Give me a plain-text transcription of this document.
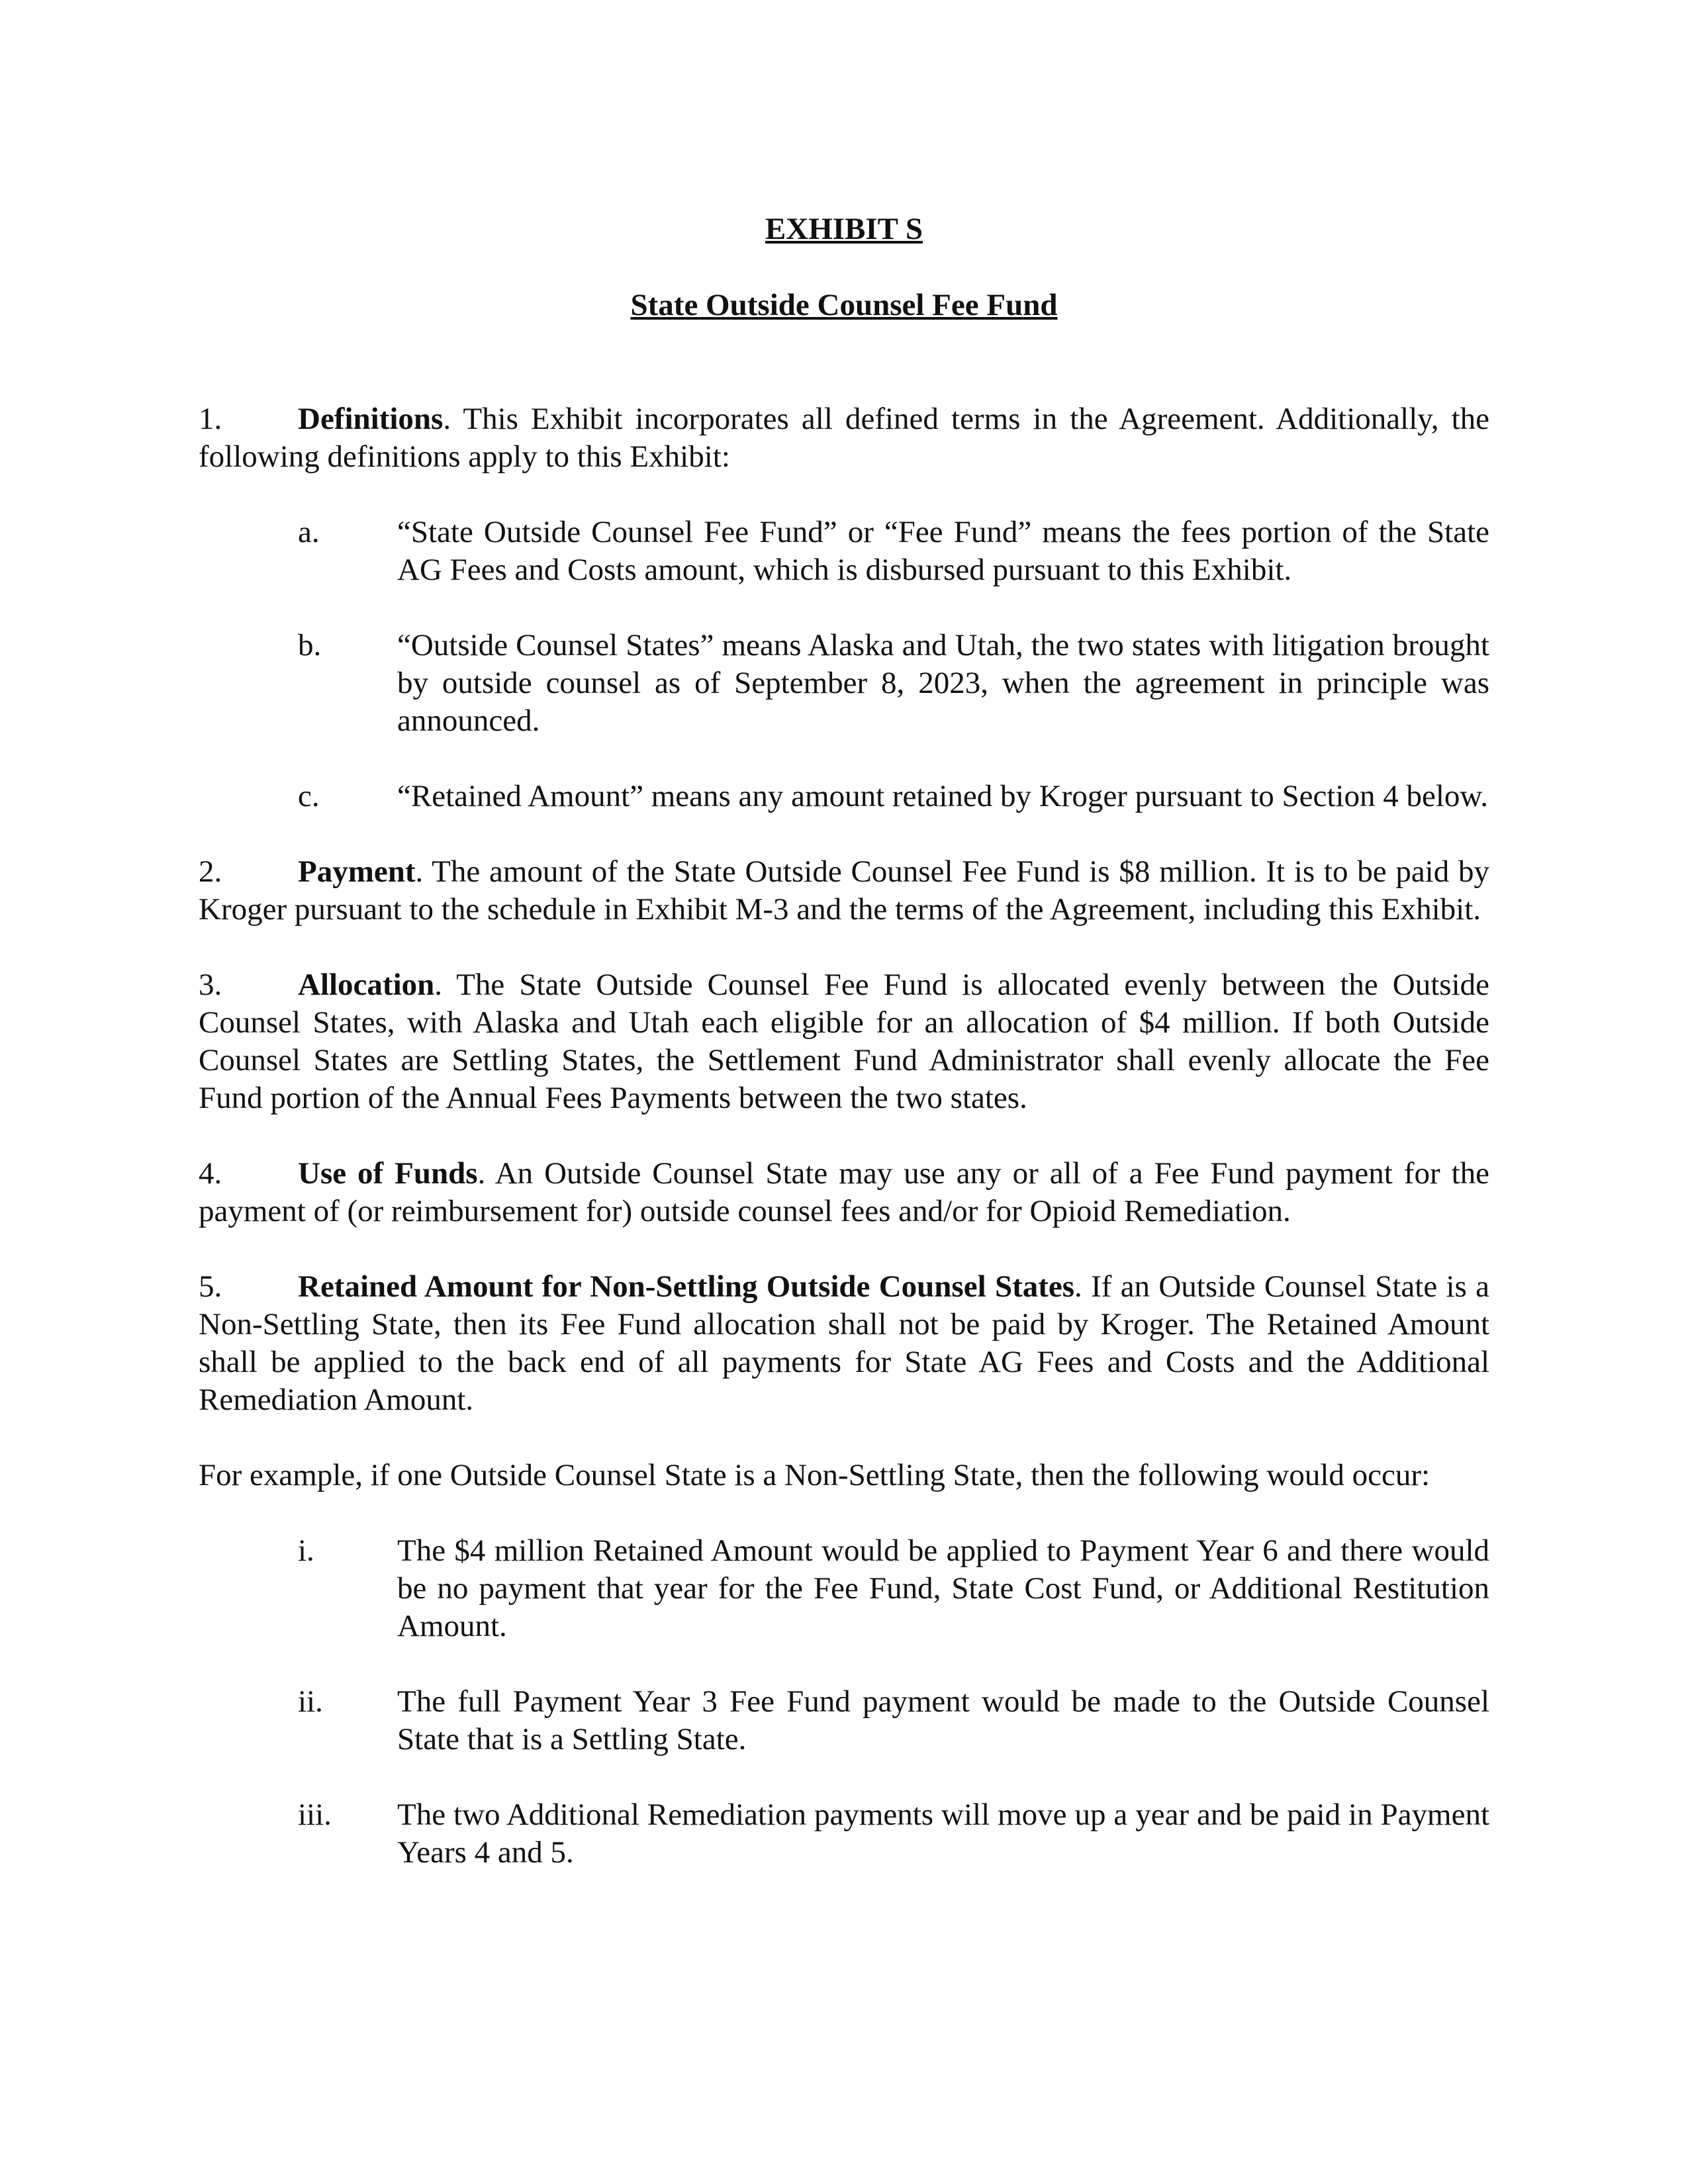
EXHIBIT S

State Outside Counsel Fee Fund

1. Definitions. This Exhibit incorporates all defined terms in the Agreement. Additionally, the following definitions apply to this Exhibit:

a. “State Outside Counsel Fee Fund” or “Fee Fund” means the fees portion of the State AG Fees and Costs amount, which is disbursed pursuant to this Exhibit.
b. “Outside Counsel States” means Alaska and Utah, the two states with litigation brought by outside counsel as of September 8, 2023, when the agreement in principle was announced.
c. “Retained Amount” means any amount retained by Kroger pursuant to Section 4 below.

2. Payment. The amount of the State Outside Counsel Fee Fund is $8 million. It is to be paid by Kroger pursuant to the schedule in Exhibit M-3 and the terms of the Agreement, including this Exhibit.

3. Allocation. The State Outside Counsel Fee Fund is allocated evenly between the Outside Counsel States, with Alaska and Utah each eligible for an allocation of $4 million. If both Outside Counsel States are Settling States, the Settlement Fund Administrator shall evenly allocate the Fee Fund portion of the Annual Fees Payments between the two states.

4. Use of Funds. An Outside Counsel State may use any or all of a Fee Fund payment for the payment of (or reimbursement for) outside counsel fees and/or for Opioid Remediation.

5. Retained Amount for Non-Settling Outside Counsel States. If an Outside Counsel State is a Non-Settling State, then its Fee Fund allocation shall not be paid by Kroger. The Retained Amount shall be applied to the back end of all payments for State AG Fees and Costs and the Additional Remediation Amount.

For example, if one Outside Counsel State is a Non-Settling State, then the following would occur:

i.	The $4 million Retained Amount would be applied to Payment Year 6 and there would be no payment that year for the Fee Fund, State Cost Fund, or Additional Restitution Amount.
ii. The full Payment Year 3 Fee Fund payment would be made to the Outside Counsel State that is a Settling State.
iii. The two Additional Remediation payments will move up a year and be paid in Payment Years 4 and 5.
